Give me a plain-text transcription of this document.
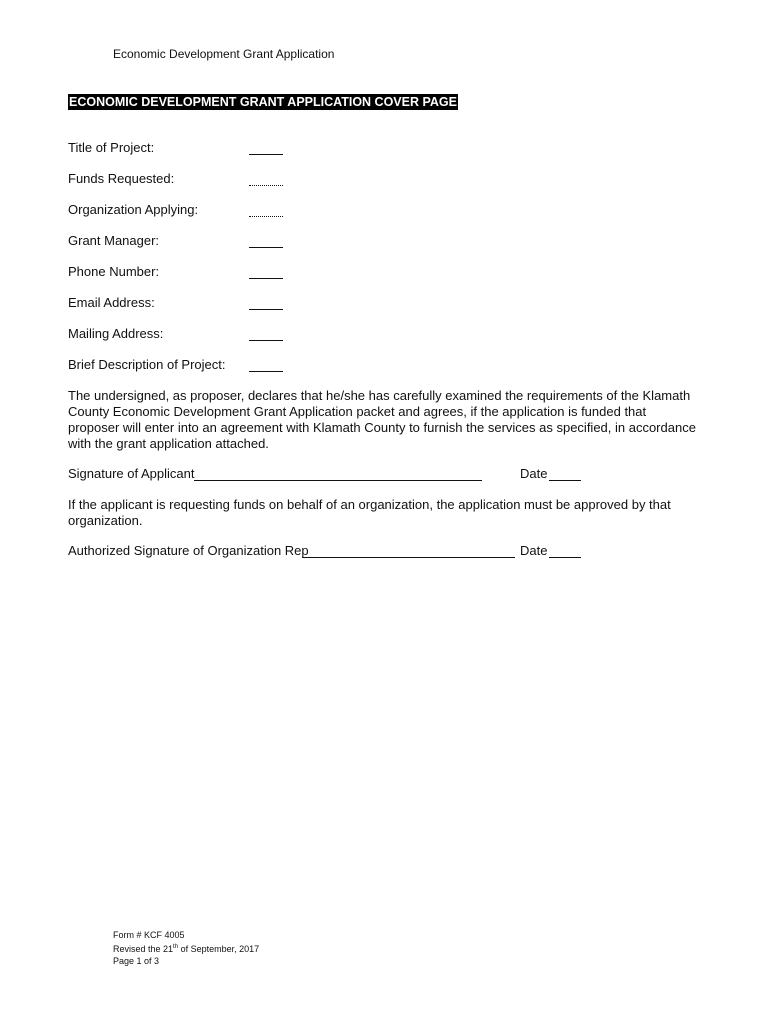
Economic Development Grant Application
ECONOMIC DEVELOPMENT GRANT APPLICATION COVER PAGE
Title of Project:
Funds Requested:
Organization Applying:
Grant Manager:
Phone Number:
Email Address:
Mailing Address:
Brief Description of Project:
The undersigned, as proposer, declares that he/she has carefully examined the requirements of the Klamath County Economic Development Grant Application packet and agrees, if the application is funded that proposer will enter into an agreement with Klamath County to furnish the services as specified, in accordance with the grant application attached.
Signature of Applicant	Date
If the applicant is requesting funds on behalf of an organization, the application must be approved by that organization.
Authorized Signature of Organization Rep	Date
Form # KCF 4005
Revised the 21th of September, 2017
Page 1 of 3
